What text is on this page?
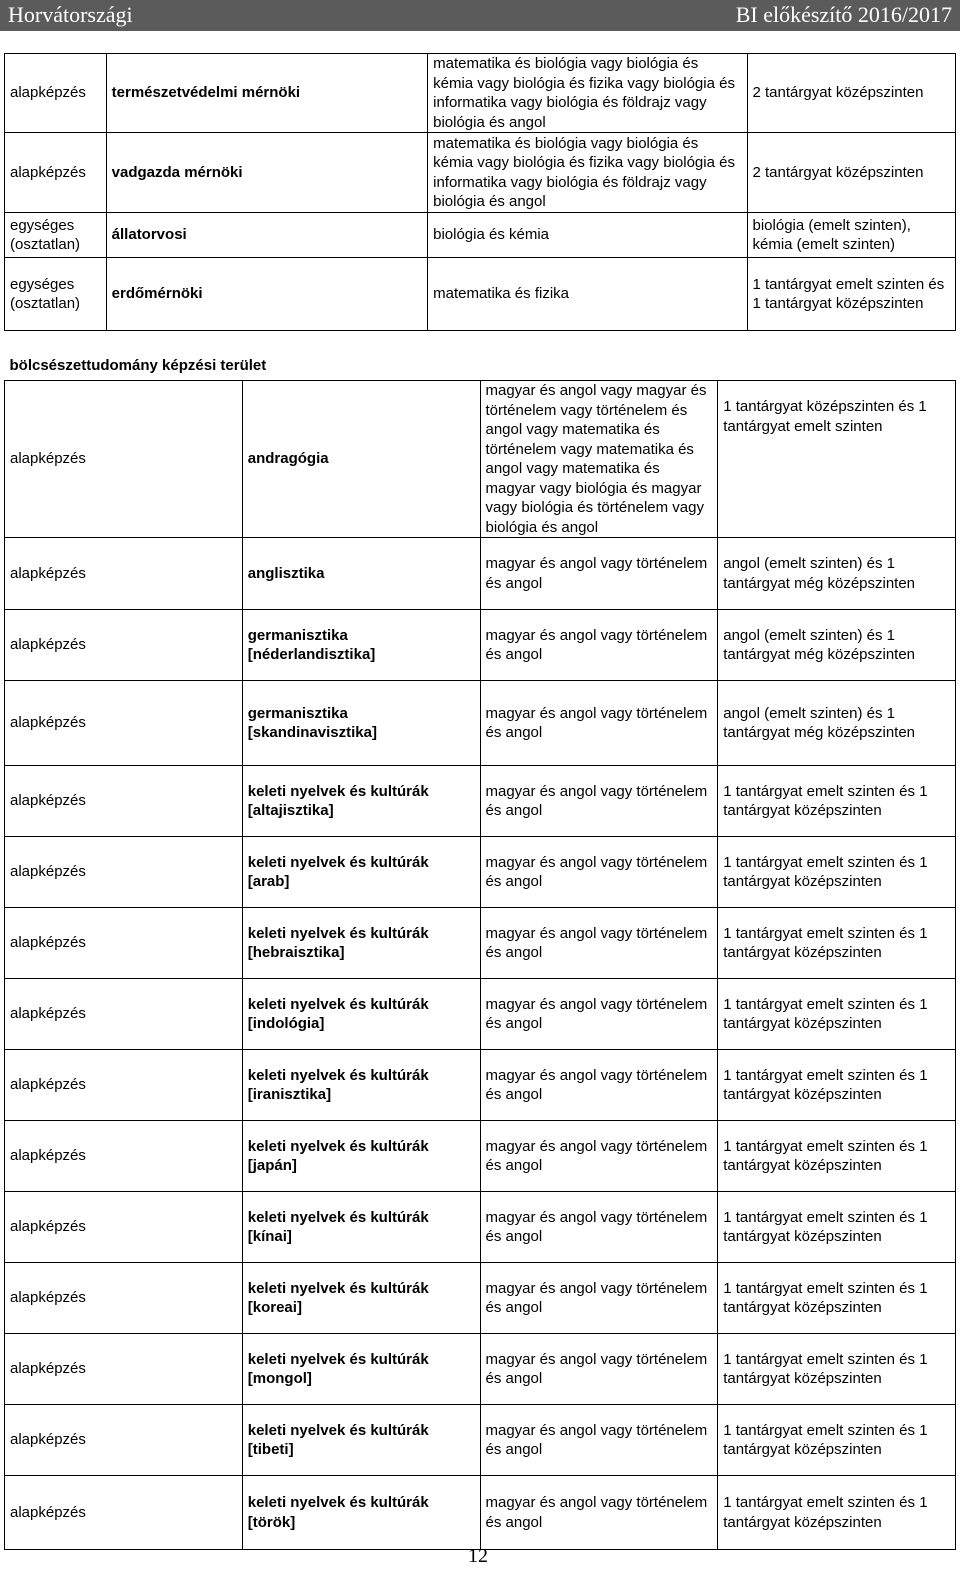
Horvátországi	BI előkészítő 2016/2017
alapképzés	természetvédelmi mérnöki	matematika és biológia vagy biológia és kémia vagy biológia és fizika vagy biológia és informatika vagy biológia és földrajz vagy biológia és angol	2 tantárgyat középszinten
alapképzés	vadgazda mérnöki	matematika és biológia vagy biológia és kémia vagy biológia és fizika vagy biológia és informatika vagy biológia és földrajz vagy biológia és angol	2 tantárgyat középszinten
egységes (osztatlan)	állatorvosi	biológia és kémia	biológia (emelt szinten), kémia (emelt szinten)
egységes (osztatlan)	erdőmérnöki	matematika és fizika	1 tantárgyat emelt szinten és 1 tantárgyat középszinten
bölcsészettudomány képzési terület			
alapképzés	andragógia	magyar és angol vagy magyar és történelem vagy történelem és angol vagy matematika és történelem vagy matematika és angol vagy matematika és magyar vagy biológia és magyar vagy biológia és történelem vagy biológia és angol	1 tantárgyat középszinten és 1 tantárgyat emelt szinten
alapképzés	anglisztika	magyar és angol vagy történelem és angol	angol (emelt szinten) és 1 tantárgyat még középszinten
alapképzés	germanisztika [néderlandisztika]	magyar és angol vagy történelem és angol	angol (emelt szinten) és 1 tantárgyat még középszinten
alapképzés	germanisztika [skandinavisztika]	magyar és angol vagy történelem és angol	angol (emelt szinten) és 1 tantárgyat még középszinten
alapképzés	keleti nyelvek és kultúrák [altajisztika]	magyar és angol vagy történelem és angol	1 tantárgyat emelt szinten és 1 tantárgyat középszinten
alapképzés	keleti nyelvek és kultúrák [arab]	magyar és angol vagy történelem és angol	1 tantárgyat emelt szinten és 1 tantárgyat középszinten
alapképzés	keleti nyelvek és kultúrák [hebraisztika]	magyar és angol vagy történelem és angol	1 tantárgyat emelt szinten és 1 tantárgyat középszinten
alapképzés	keleti nyelvek és kultúrák [indológia]	magyar és angol vagy történelem és angol	1 tantárgyat emelt szinten és 1 tantárgyat középszinten
alapképzés	keleti nyelvek és kultúrák [iranisztika]	magyar és angol vagy történelem és angol	1 tantárgyat emelt szinten és 1 tantárgyat középszinten
alapképzés	keleti nyelvek és kultúrák [japán]	magyar és angol vagy történelem és angol	1 tantárgyat emelt szinten és 1 tantárgyat középszinten
alapképzés	keleti nyelvek és kultúrák [kínai]	magyar és angol vagy történelem és angol	1 tantárgyat emelt szinten és 1 tantárgyat középszinten
alapképzés	keleti nyelvek és kultúrák [koreai]	magyar és angol vagy történelem és angol	1 tantárgyat emelt szinten és 1 tantárgyat középszinten
alapképzés	keleti nyelvek és kultúrák [mongol]	magyar és angol vagy történelem és angol	1 tantárgyat emelt szinten és 1 tantárgyat középszinten
alapképzés	keleti nyelvek és kultúrák [tibeti]	magyar és angol vagy történelem és angol	1 tantárgyat emelt szinten és 1 tantárgyat középszinten
alapképzés	keleti nyelvek és kultúrák [török]	magyar és angol vagy történelem és angol	1 tantárgyat emelt szinten és 1 tantárgyat középszinten
12
